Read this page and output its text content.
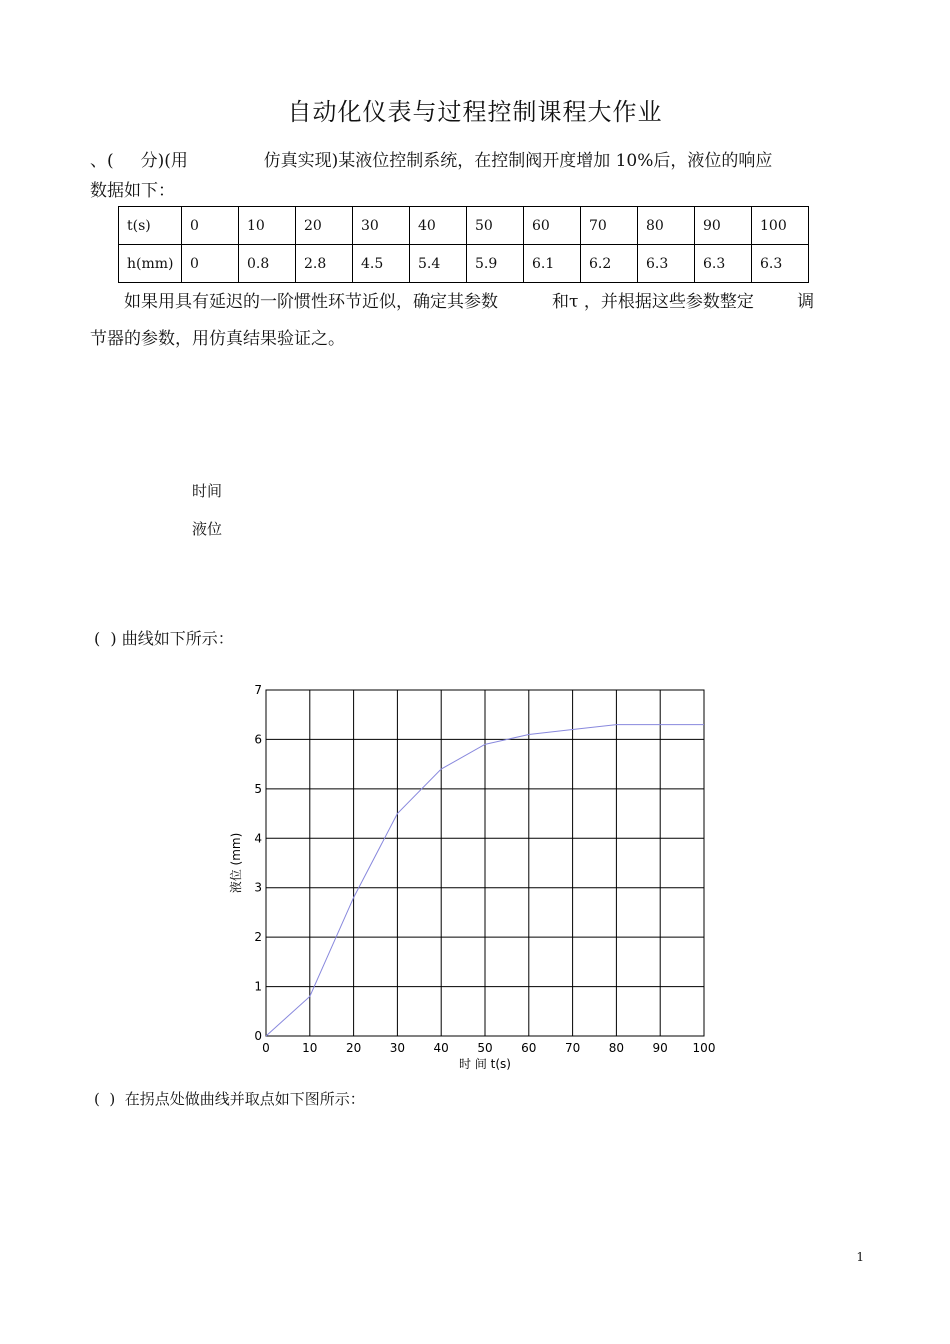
自动化仪表与过程控制课程大作业
、(     分)(用              仿真实现)某液位控制系统，在控制阀开度增加 10%后，液位的响应
数据如下：
t(s)	0	10	20	30	40	50	60	70	80	90	100
h(mm)	0	0.8	2.8	4.5	5.4	5.9	6.1	6.2	6.3	6.3	6.3
如果用具有延迟的一阶惯性环节近似，确定其参数          和τ ，并根据这些参数整定        调
节器的参数，用仿真结果验证之。
时间
液位
(  ) 曲线如下所示：
0	10 20 30 40 50 60 70 80 90 100
0
1
2
3
4
5
6
7
时 间 t(s)
液位 (mm)
(  )  在拐点处做曲线并取点如下图所示：
1
